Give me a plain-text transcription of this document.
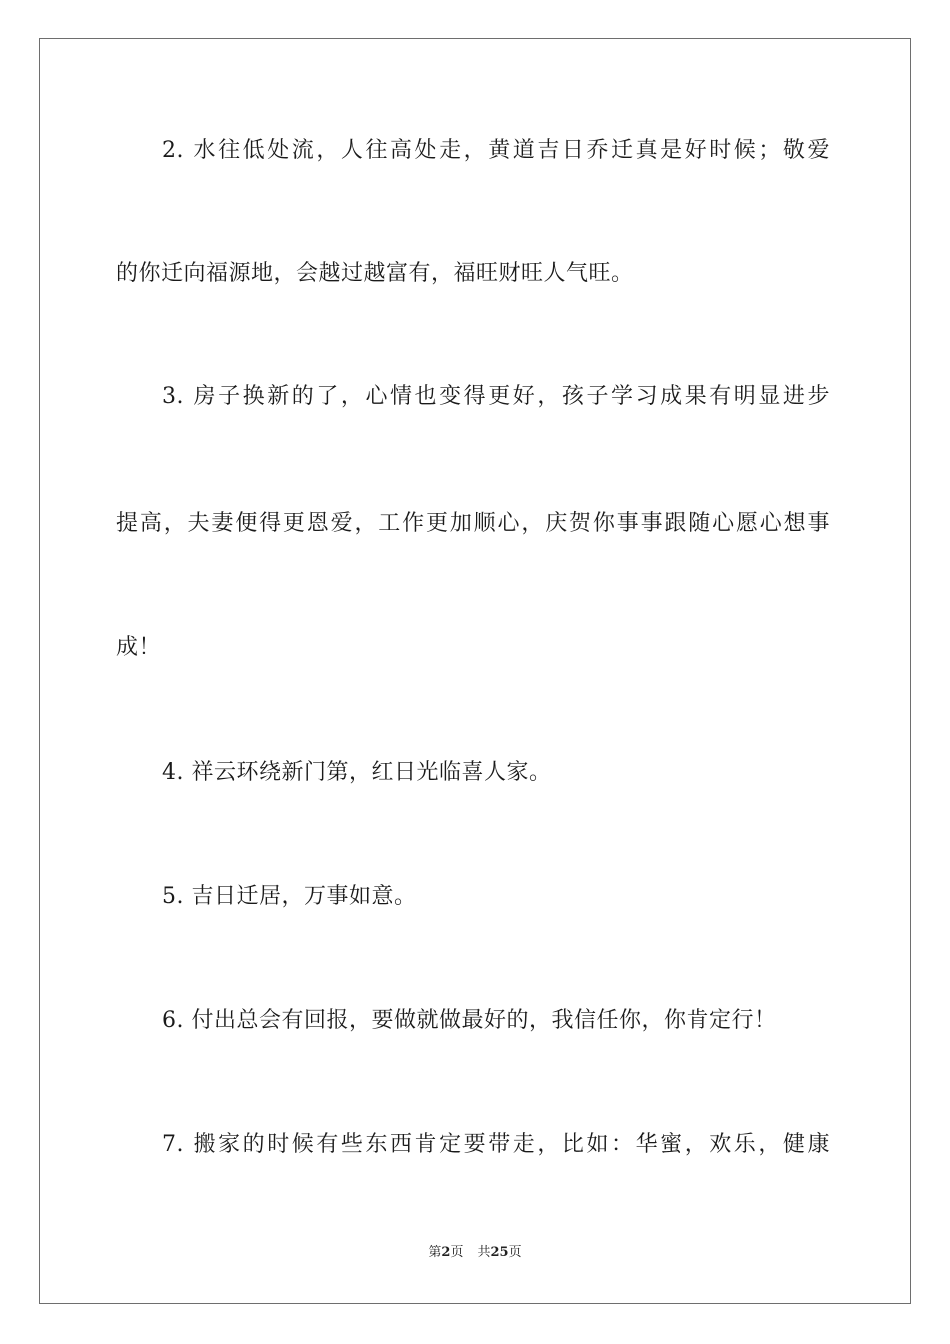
2. 水往低处流，人往高处走，黄道吉日乔迁真是好时候；敬爱
的你迁向福源地，会越过越富有，福旺财旺人气旺。
3. 房子换新的了，心情也变得更好，孩子学习成果有明显进步
提高，夫妻便得更恩爱，工作更加顺心，庆贺你事事跟随心愿心想事
成！
4. 祥云环绕新门第，红日光临喜人家。
5. 吉日迁居，万事如意。
6. 付出总会有回报，要做就做最好的，我信任你，你肯定行！
7. 搬家的时候有些东西肯定要带走，比如：华蜜，欢乐，健康
第2页 共25页
